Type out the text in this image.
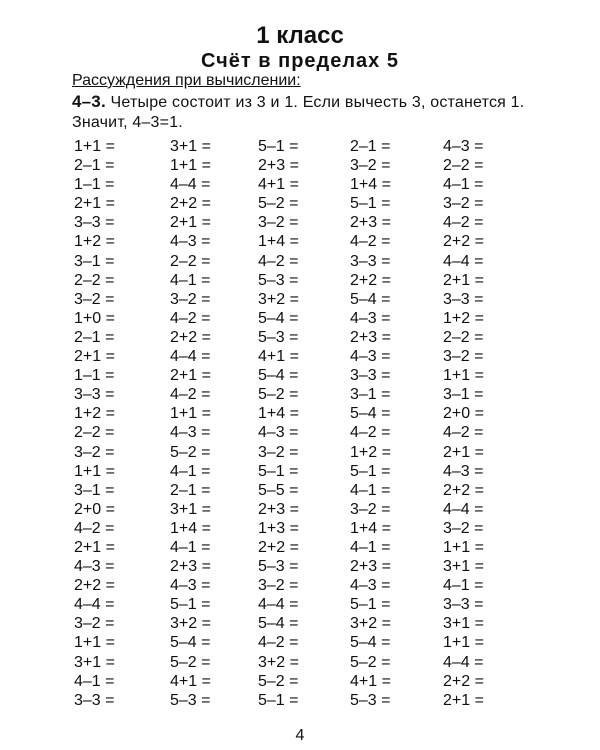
1 класс
Счёт в пределах 5

Рассуждения при вычислении:

4–3. Четыре состоит из 3 и 1. Если вычесть 3, останется 1. Значит, 4–3=1.

1+1 =
2–1 =
1–1 =
2+1 =
3–3 =
1+2 =
3–1 =
2–2 =
3–2 =
1+0 =
2–1 =
2+1 =
1–1 =
3–3 =
1+2 =
2–2 =
3–2 =
1+1 =
3–1 =
2+0 =
4–2 =
2+1 =
4–3 =
2+2 =
4–4 =
3–2 =
1+1 =
3+1 =
4–1 =
3–3 =
3+1 =
1+1 =
4–4 =
2+2 =
2+1 =
4–3 =
2–2 =
4–1 =
3–2 =
4–2 =
2+2 =
4–4 =
2+1 =
4–2 =
1+1 =
4–3 =
5–2 =
4–1 =
2–1 =
3+1 =
1+4 =
4–1 =
2+3 =
4–3 =
5–1 =
3+2 =
5–4 =
5–2 =
4+1 =
5–3 =
5–1 =
2+3 =
4+1 =
5–2 =
3–2 =
1+4 =
4–2 =
5–3 =
3+2 =
5–4 =
5–3 =
4+1 =
5–4 =
5–2 =
1+4 =
4–3 =
3–2 =
5–1 =
5–5 =
2+3 =
1+3 =
2+2 =
5–3 =
3–2 =
4–4 =
5–4 =
4–2 =
3+2 =
5–2 =
5–1 =
2–1 =
3–2 =
1+4 =
5–1 =
2+3 =
4–2 =
3–3 =
2+2 =
5–4 =
4–3 =
2+3 =
4–3 =
3–3 =
3–1 =
5–4 =
4–2 =
1+2 =
5–1 =
4–1 =
3–2 =
1+4 =
4–1 =
2+3 =
4–3 =
5–1 =
3+2 =
5–4 =
5–2 =
4+1 =
5–3 =
4–3 =
2–2 =
4–1 =
3–2 =
4–2 =
2+2 =
4–4 =
2+1 =
3–3 =
1+2 =
2–2 =
3–2 =
1+1 =
3–1 =
2+0 =
4–2 =
2+1 =
4–3 =
2+2 =
4–4 =
3–2 =
1+1 =
3+1 =
4–1 =
3–3 =
3+1 =
1+1 =
4–4 =
2+2 =
2+1 =

4
